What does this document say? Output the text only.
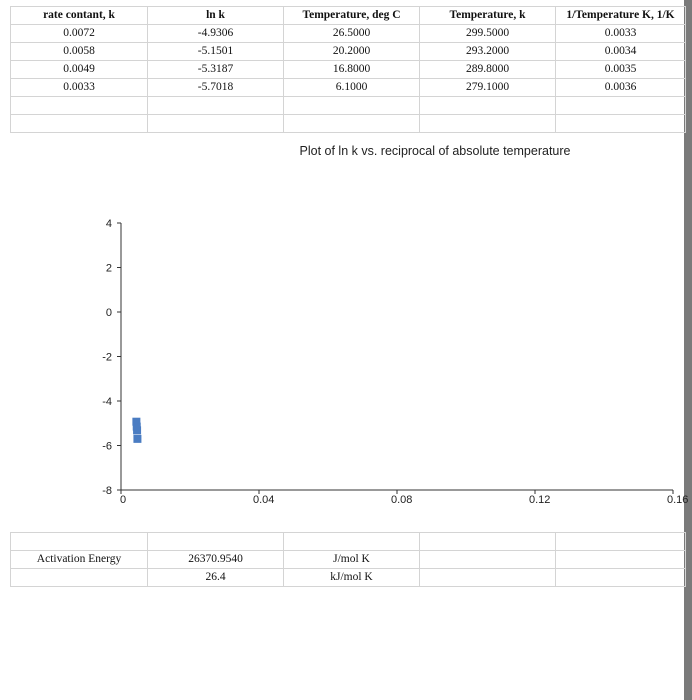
rate contant, k	ln k	Temperature, deg C	Temperature, k	1/Temperature K, 1/K
0.0072	-4.9306	26.5000	299.5000	0.0033
0.0058	-5.1501	20.2000	293.2000	0.0034
0.0049	-5.3187	16.8000	289.8000	0.0035
0.0033	-5.7018	6.1000	279.1000	0.0036

Plot of ln k vs. reciprocal of absolute temperature
4
2
0
-2
-4
-6
-8
0	0.04	0.08	0.12	0.16

Activation Energy	26370.9540	J/mol K		
	26.4	kJ/mol K		
